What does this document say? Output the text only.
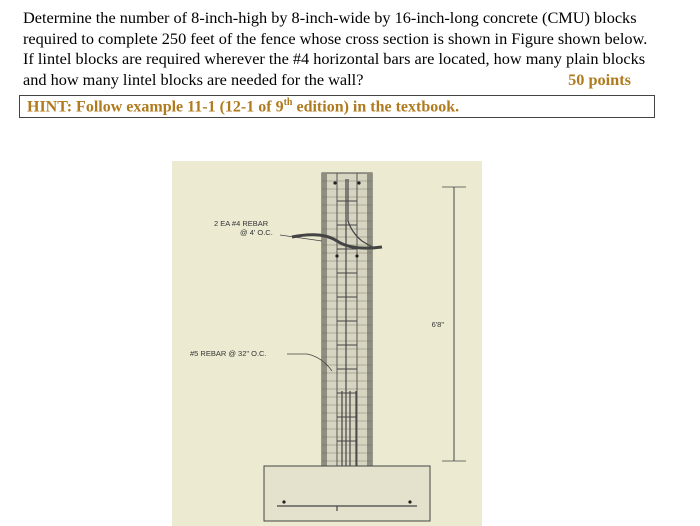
Determine the number of 8-inch-high by 8-inch-wide by 16-inch-long concrete (CMU) blocks
required to complete 250 feet of the fence whose cross section is shown in Figure shown below.
If lintel blocks are required wherever the #4 horizontal bars are located, how many plain blocks
and how many lintel blocks are needed for the wall?	50 points
HINT: Follow example 11-1 (12-1 of 9th edition) in the textbook.
2 EA #4 REBAR
@ 4' O.C.
#5 REBAR @ 32" O.C.
6'8"
